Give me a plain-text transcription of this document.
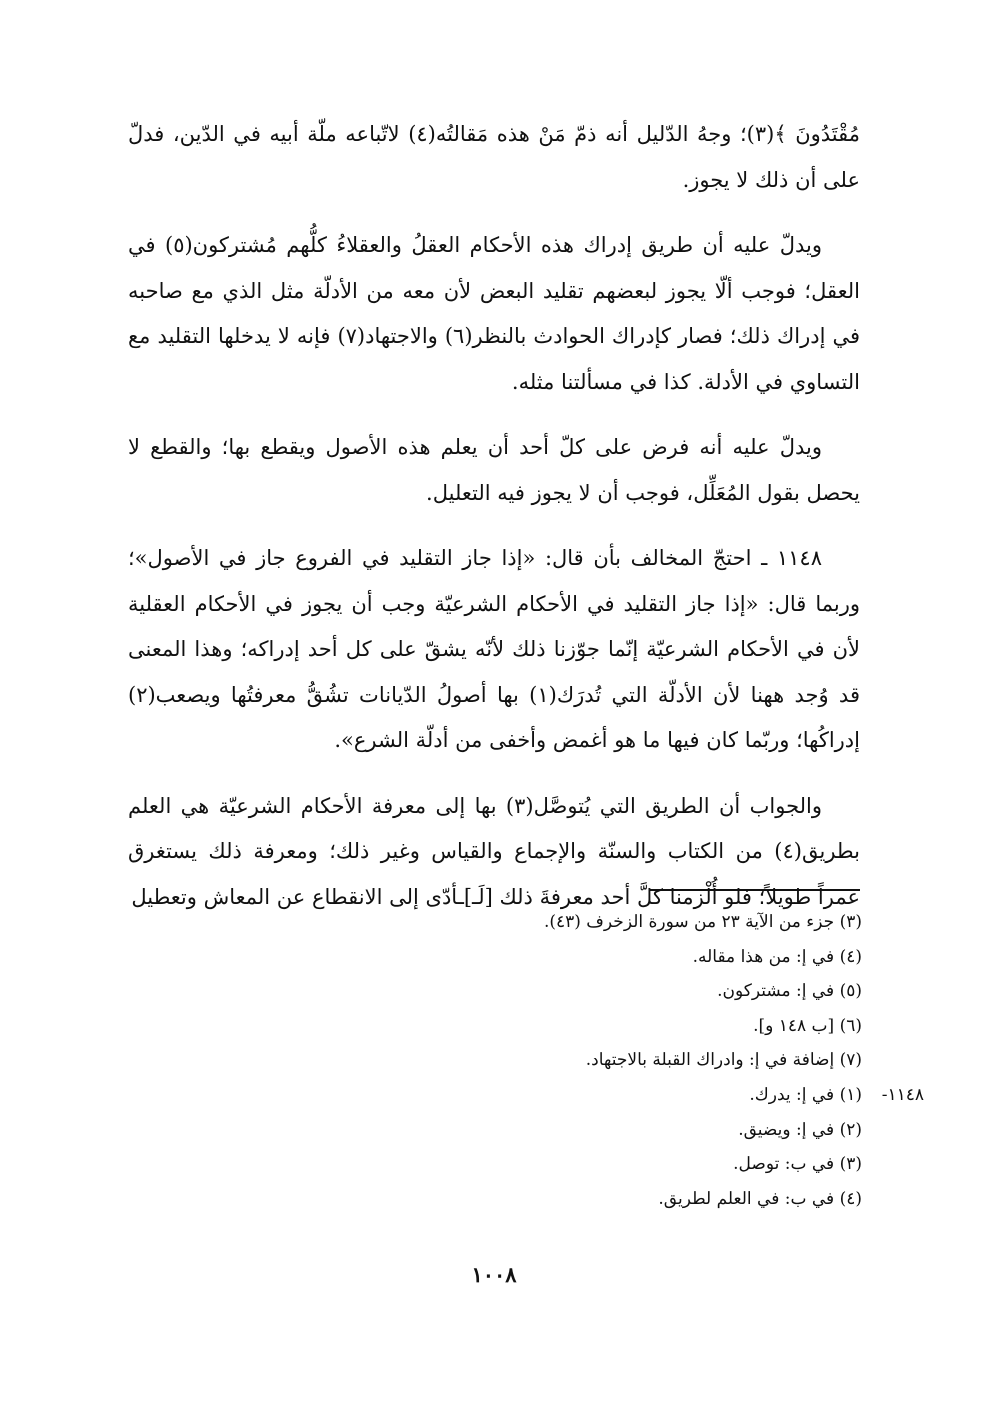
مُقْتَدُونَ ﴾(٣)؛ وجهُ الدّليل أنه ذمّ مَنْ هذه مَقالتُه(٤) لاتّباعه ملّة أبيه في الدّين، فدلّ على أن ذلك لا يجوز.

ويدلّ عليه أن طريق إدراك هذه الأحكام العقلُ والعقلاءُ كلُّهم مُشتركون(٥) في العقل؛ فوجب ألّا يجوز لبعضهم تقليد البعض لأن معه من الأدلّة مثل الذي مع صاحبه في إدراك ذلك؛ فصار كإدراك الحوادث بالنظر(٦) والاجتهاد(٧) فإنه لا يدخلها التقليد مع التساوي في الأدلة. كذا في مسألتنا مثله.

ويدلّ عليه أنه فرض على كلّ أحد أن يعلم هذه الأصول ويقطع بها؛ والقطع لا يحصل بقول المُعَلِّل، فوجب أن لا يجوز فيه التعليل.

١١٤٨ ـ احتجّ المخالف بأن قال: «إذا جاز التقليد في الفروع جاز في الأصول»؛ وربما قال: «إذا جاز التقليد في الأحكام الشرعيّة وجب أن يجوز في الأحكام العقلية لأن في الأحكام الشرعيّة إنّما جوّزنا ذلك لأنّه يشقّ على كل أحد إدراكه؛ وهذا المعنى قد وُجد ههنا لأن الأدلّة التي تُدرَك(١) بها أصولُ الدّيانات تشُقُّ معرفتُها ويصعب(٢) إدراكُها؛ وربّما كان فيها ما هو أغمض وأخفى من أدلّة الشرع».

والجواب أن الطريق التي يُتوصَّل(٣) بها إلى معرفة الأحكام الشرعيّة هي العلم بطريق(٤) من الكتاب والسنّة والإجماع والقياس وغير ذلك؛ ومعرفة ذلك يستغرق عمراً طويلاً؛ فلو أُلْزمنا كلَّ أحد معرفةَ ذلك [لَـ]ـأدّى إلى الانقطاع عن المعاش وتعطيل

(٣) جزء من الآية ٢٣ من سورة الزخرف (٤٣).
(٤) في إ: من هذا مقاله.
(٥) في إ: مشتركون.
(٦) [ب ١٤٨ و].
(٧) إضافة في إ: وادراك القبلة بالاجتهاد.
١١٤٨-
(١) في إ: يدرك.
(٢) في إ: ويضيق.
(٣) في ب: توصل.
(٤) في ب: في العلم لطريق.
١٠٠٨
